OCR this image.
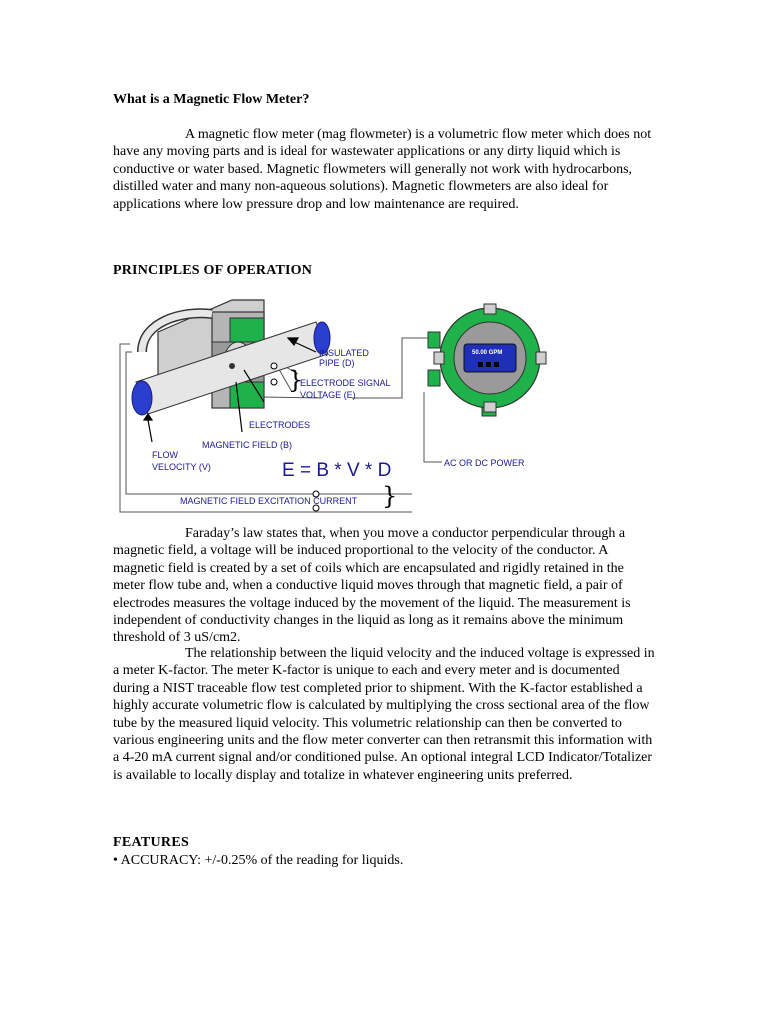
What is a Magnetic Flow Meter?

A magnetic flow meter (mag flowmeter) is a volumetric flow meter which does not have any moving parts and is ideal for wastewater applications or any dirty liquid which is conductive or water based. Magnetic flowmeters will generally not work with hydrocarbons, distilled water and many non-aqueous solutions). Magnetic flowmeters are also ideal for applications where low pressure drop and low maintenance are required.

PRINCIPLES OF OPERATION
}
}
INSULATED
PIPE (D)
ELECTRODE SIGNAL
VOLTAGE (E)
ELECTRODES
MAGNETIC FIELD (B)
FLOW
VELOCITY (V)	E = B * V * D
MAGNETIC FIELD EXCITATION CURRENT
AC OR DC POWER
50.00 GPM

Faraday’s law states that, when you move a conductor perpendicular through a magnetic field, a voltage will be induced proportional to the velocity of the conductor. A magnetic field is created by a set of coils which are encapsulated and rigidly retained in the meter flow tube and, when a conductive liquid moves through that magnetic field, a pair of electrodes measures the voltage induced by the movement of the liquid. The measurement is independent of conductivity changes in the liquid as long as it remains above the minimum threshold of 3 uS/cm2.

The relationship between the liquid velocity and the induced voltage is expressed in a meter K-factor. The meter K-factor is unique to each and every meter and is documented during a NIST traceable flow test completed prior to shipment. With the K-factor established a highly accurate volumetric flow is calculated by multiplying the cross sectional area of the flow tube by the measured liquid velocity. This volumetric relationship can then be converted to various engineering units and the flow meter converter can then retransmit this information with a 4-20 mA current signal and/or conditioned pulse. An optional integral LCD Indicator/Totalizer is available to locally display and totalize in whatever engineering units preferred.

FEATURES
• ACCURACY: +/-0.25% of the reading for liquids.
